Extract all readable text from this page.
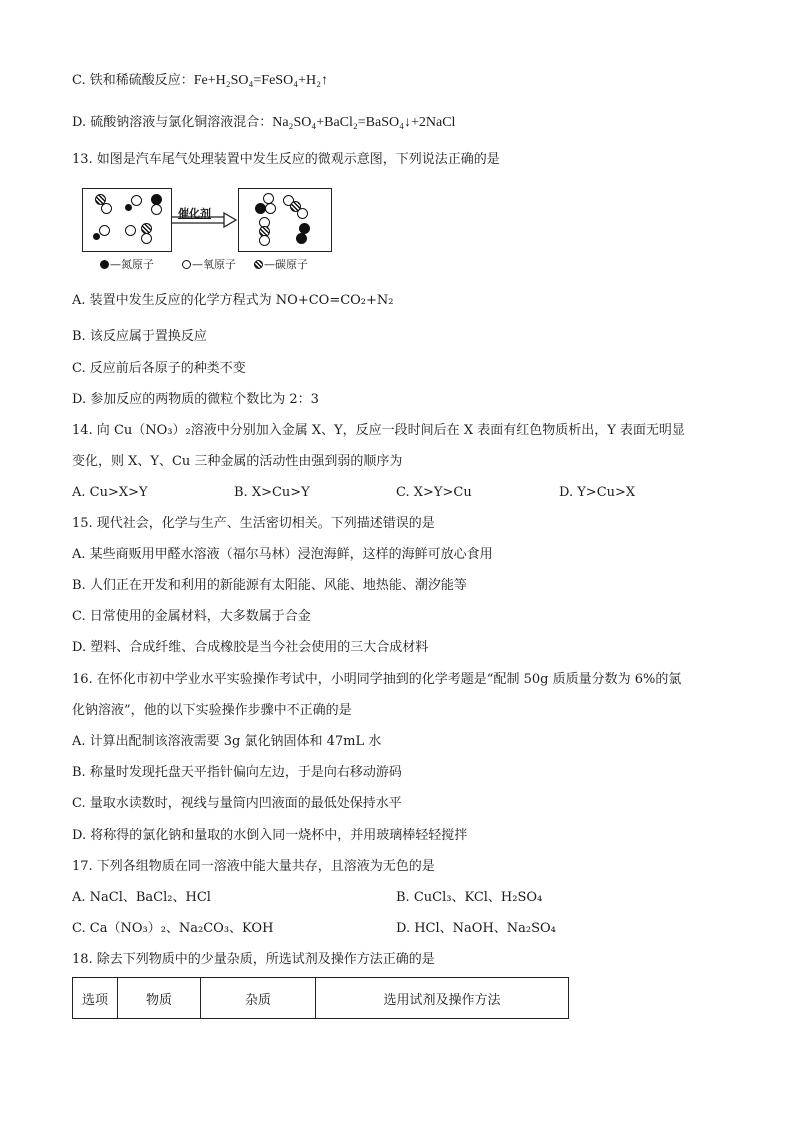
C. 铁和稀硫酸反应：Fe+H₂SO₄=FeSO₄+H₂↑
D. 硫酸钠溶液与氯化铜溶液混合：Na₂SO₄+BaCl₂=BaSO₄↓+2NaCl
13. 如图是汽车尾气处理装置中发生反应的微观示意图，下列说法正确的是
催化剂
—氮原子	—氧原子	—碳原子
A. 装置中发生反应的化学方程式为 NO+CO=CO₂+N₂
B. 该反应属于置换反应
C. 反应前后各原子的种类不变
D. 参加反应的两物质的微粒个数比为 2：3
14. 向 Cu（NO₃）₂溶液中分别加入金属 X、Y，反应一段时间后在 X 表面有红色物质析出，Y 表面无明显
变化，则 X、Y、Cu 三种金属的活动性由强到弱的顺序为
A. Cu>X>Y	B. X>Cu>Y	C. X>Y>Cu	D. Y>Cu>X
15. 现代社会，化学与生产、生活密切相关。下列描述错误的是
A. 某些商贩用甲醛水溶液（福尔马林）浸泡海鲜，这样的海鲜可放心食用
B. 人们正在开发和利用的新能源有太阳能、风能、地热能、潮汐能等
C. 日常使用的金属材料，大多数属于合金
D. 塑料、合成纤维、合成橡胶是当今社会使用的三大合成材料
16. 在怀化市初中学业水平实验操作考试中，小明同学抽到的化学考题是“配制 50g 质质量分数为 6%的氯
化钠溶液”，他的以下实验操作步骤中不正确的是
A. 计算出配制该溶液需要 3g 氯化钠固体和 47mL 水
B. 称量时发现托盘天平指针偏向左边，于是向右移动游码
C. 量取水读数时，视线与量筒内凹液面的最低处保持水平
D. 将称得的氯化钠和量取的水倒入同一烧杯中，并用玻璃棒轻轻搅拌
17. 下列各组物质在同一溶液中能大量共存，且溶液为无色的是
A. NaCl、BaCl₂、HCl	B. CuCl₃、KCl、H₂SO₄
C. Ca（NO₃）₂、Na₂CO₃、KOH	D. HCl、NaOH、Na₂SO₄
18. 除去下列物质中的少量杂质，所选试剂及操作方法正确的是
选项	物质	杂质	选用试剂及操作方法
